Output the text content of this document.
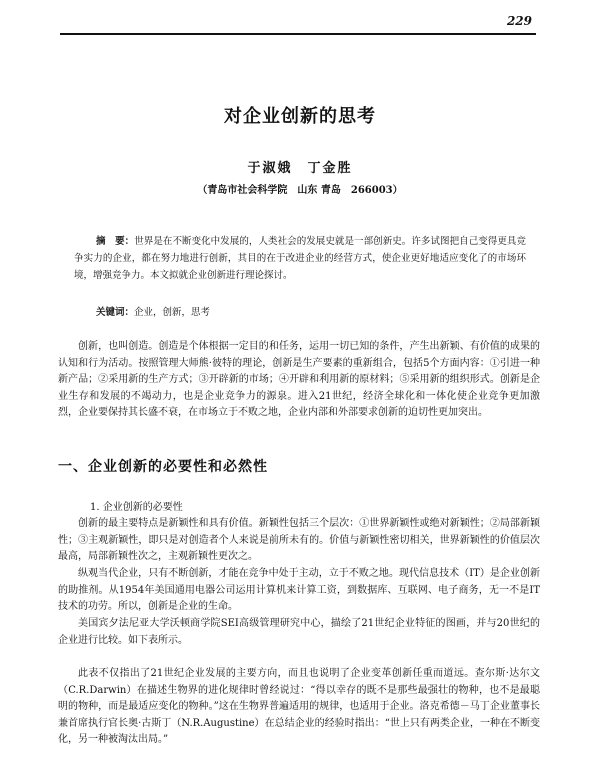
229
对企业创新的思考
于淑娥　丁金胜
（青岛市社会科学院　山东 青岛　266003）
摘　要：世界是在不断变化中发展的，人类社会的发展史就是一部创新史。许多试图把自己变得更具竞争实力的企业，都在努力地进行创新，其目的在于改进企业的经营方式，使企业更好地适应变化了的市场环境，增强竞争力。本文拟就企业创新进行理论探讨。
关键词：企业，创新，思考

创新，也叫创造。创造是个体根据一定目的和任务，运用一切已知的条件，产生出新颖、有价值的成果的认知和行为活动。按照管理大师熊·彼特的理论，创新是生产要素的重新组合，包括5个方面内容：①引进一种新产品；②采用新的生产方式；③开辟新的市场；④开辟和利用新的原材料；⑤采用新的组织形式。创新是企业生存和发展的不竭动力，也是企业竞争力的源泉。进入21世纪，经济全球化和一体化使企业竞争更加激烈，企业要保持其长盛不衰，在市场立于不败之地，企业内部和外部要求创新的迫切性更加突出。

一、企业创新的必要性和必然性
1. 企业创新的必要性

创新的最主要特点是新颖性和具有价值。新颖性包括三个层次：①世界新颖性或绝对新颖性；②局部新颖性；③主观新颖性，即只是对创造者个人来说是前所未有的。价值与新颖性密切相关，世界新颖性的价值层次最高，局部新颖性次之，主观新颖性更次之。

纵观当代企业，只有不断创新，才能在竞争中处于主动，立于不败之地。现代信息技术（IT）是企业创新的助推剂。从1954年美国通用电器公司运用计算机来计算工资，到数据库、互联网、电子商务，无一不是IT技术的功劳。所以，创新是企业的生命。

美国宾夕法尼亚大学沃顿商学院SEI高级管理研究中心，描绘了21世纪企业特征的图画，并与20世纪的企业进行比较。如下表所示。

此表不仅指出了21世纪企业发展的主要方向，而且也说明了企业变革创新任重而道远。查尔斯·达尔文（C.R.Darwin）在描述生物界的进化规律时曾经说过：“得以幸存的既不是那些最强壮的物种，也不是最聪明的物种，而是最适应变化的物种。”这在生物界普遍适用的规律，也适用于企业。洛克希德－马丁企业董事长兼首席执行官长奥·古斯丁（N.R.Augustine）在总结企业的经验时指出：“世上只有两类企业，一种在不断变化，另一种被淘汰出局。”
